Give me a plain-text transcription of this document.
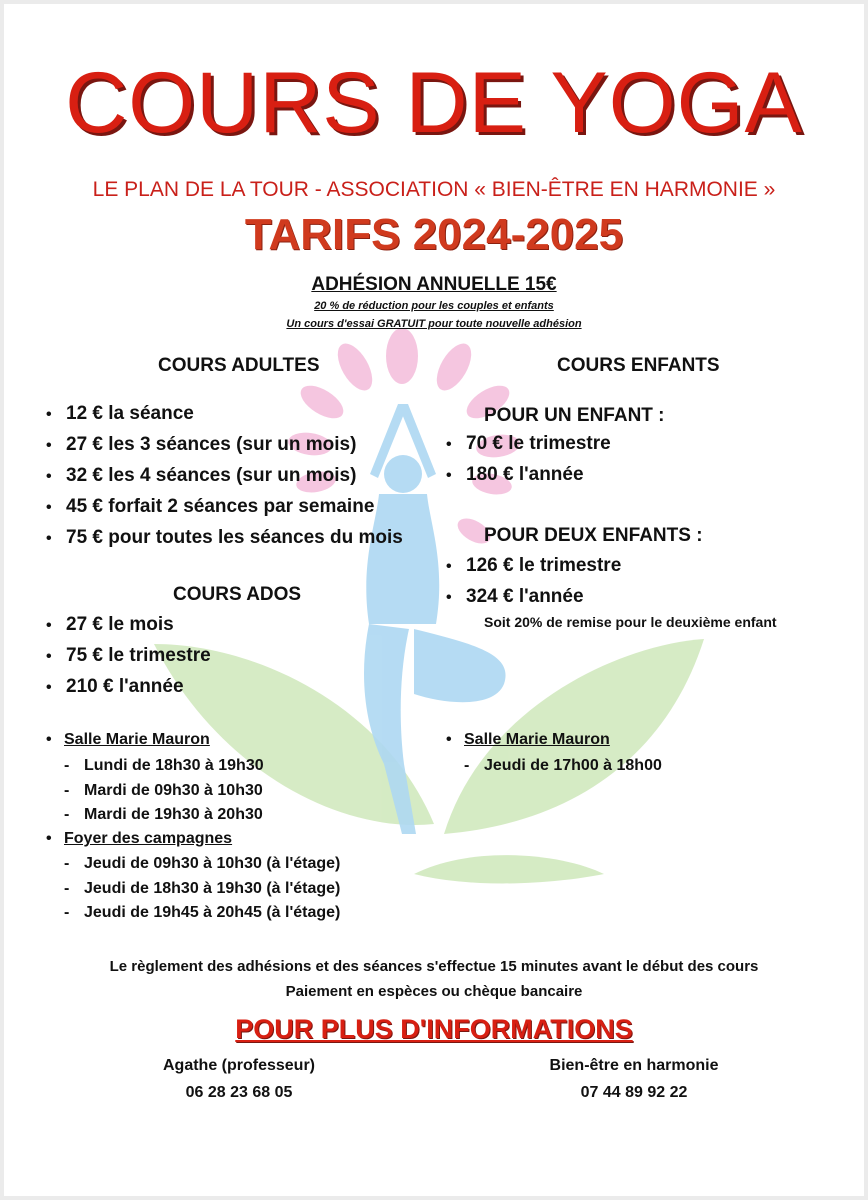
COURS DE YOGA
LE PLAN DE LA TOUR - ASSOCIATION « BIEN-ÊTRE EN HARMONIE »
TARIFS 2024-2025
ADHÉSION ANNUELLE 15€
20 % de réduction pour les couples et enfants
Un cours d'essai GRATUIT pour toute nouvelle adhésion
COURS ADULTES
• 12 € la séance
• 27 € les 3 séances (sur un mois)
• 32 € les 4 séances (sur un mois)
• 45 € forfait 2 séances par semaine
• 75 € pour toutes les séances du mois
COURS ADOS
• 27 € le mois
• 75 € le trimestre
• 210 € l'année
COURS ENFANTS
POUR UN ENFANT :
• 70 € le trimestre
• 180 € l'année
POUR DEUX ENFANTS :
• 126 € le trimestre
• 324 € l'année
Soit 20% de remise pour le deuxième enfant
• Salle Marie Mauron
- Lundi de 18h30 à 19h30
- Mardi de 09h30 à 10h30
- Mardi de 19h30 à 20h30
• Foyer des campagnes
- Jeudi de 09h30 à 10h30 (à l'étage)
- Jeudi de 18h30 à 19h30 (à l'étage)
- Jeudi de 19h45 à 20h45 (à l'étage)
• Salle Marie Mauron
- Jeudi de 17h00 à 18h00
Le règlement des adhésions et des séances s'effectue 15 minutes avant le début des cours
Paiement en espèces ou chèque bancaire
POUR PLUS D'INFORMATIONS
Agathe (professeur)
06 28 23 68 05
Bien-être en harmonie
07 44 89 92 22
